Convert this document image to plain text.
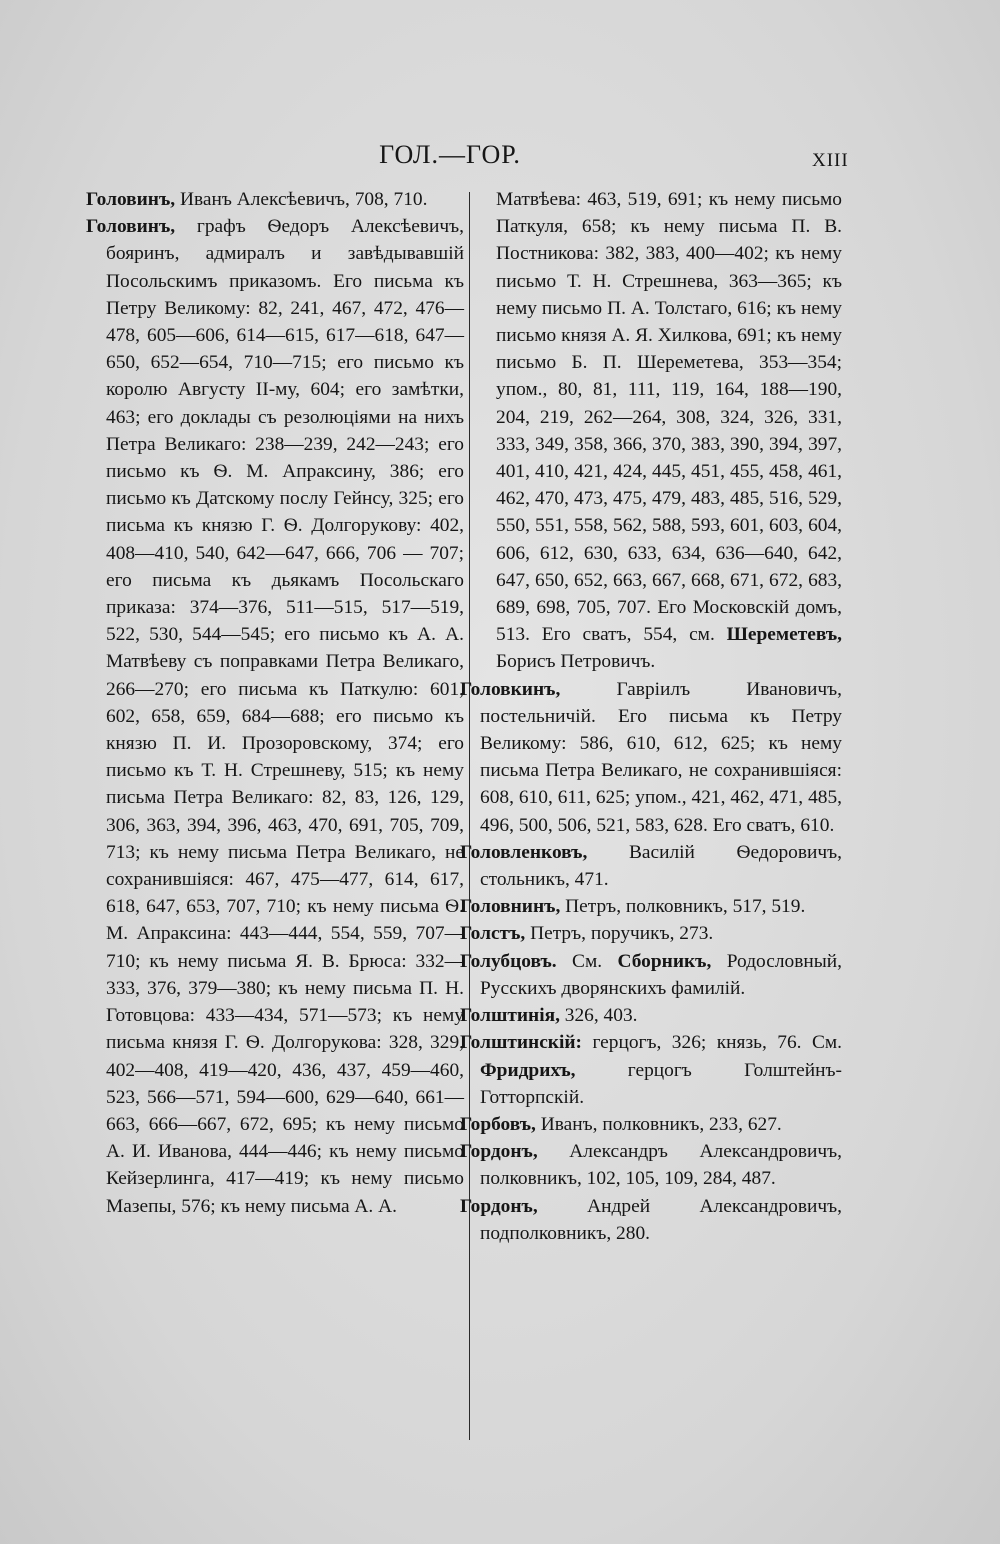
ГОЛ.—ГОР.	XIII
Головинъ, Иванъ Алексѣевичъ, 708, 710.
Головинъ, графъ Ѳедоръ Алексѣевичъ, бояринъ, адмиралъ и завѣдывавшій Посольскимъ приказомъ. Его письма къ Петру Великому: 82, 241, 467, 472, 476—478, 605—606, 614—615, 617—618, 647—650, 652—654, 710—715; его письмо къ королю Августу II-му, 604; его замѣтки, 463; его доклады съ резолюціями на нихъ Петра Великаго: 238—239, 242—243; его письмо къ Ѳ. М. Апраксину, 386; его письмо къ Датскому послу Гейнсу, 325; его письма къ князю Г. Ѳ. Долгорукову: 402, 408—410, 540, 642—647, 666, 706 — 707; его письма къ дьякамъ Посольскаго приказа: 374—376, 511—515, 517—519, 522, 530, 544—545; его письмо къ А. А. Матвѣеву съ поправками Петра Великаго, 266—270; его письма къ Паткулю: 601, 602, 658, 659, 684—688; его письмо къ князю П. И. Прозоровскому, 374; его письмо къ Т. Н. Стрешневу, 515; къ нему письма Петра Великаго: 82, 83, 126, 129, 306, 363, 394, 396, 463, 470, 691, 705, 709, 713; къ нему письма Петра Великаго, не сохранившіяся: 467, 475—477, 614, 617, 618, 647, 653, 707, 710; къ нему письма Ѳ. М. Апраксина: 443—444, 554, 559, 707—710; къ нему письма Я. В. Брюса: 332—333, 376, 379—380; къ нему письма П. Н. Готовцова: 433—434, 571—573; къ нему письма князя Г. Ѳ. Долгорукова: 328, 329, 402—408, 419—420, 436, 437, 459—460, 523, 566—571, 594—600, 629—640, 661—663, 666—667, 672, 695; къ нему письмо А. И. Иванова, 444—446; къ нему письмо Кейзерлинга, 417—419; къ нему письмо Мазепы, 576; къ нему письма А. А.
Матвѣева: 463, 519, 691; къ нему письмо Паткуля, 658; къ нему письма П. В. Постникова: 382, 383, 400—402; къ нему письмо Т. Н. Стрешнева, 363—365; къ нему письмо П. А. Толстаго, 616; къ нему письмо князя А. Я. Хилкова, 691; къ нему письмо Б. П. Шереметева, 353—354; упом., 80, 81, 111, 119, 164, 188—190, 204, 219, 262—264, 308, 324, 326, 331, 333, 349, 358, 366, 370, 383, 390, 394, 397, 401, 410, 421, 424, 445, 451, 455, 458, 461, 462, 470, 473, 475, 479, 483, 485, 516, 529, 550, 551, 558, 562, 588, 593, 601, 603, 604, 606, 612, 630, 633, 634, 636—640, 642, 647, 650, 652, 663, 667, 668, 671, 672, 683, 689, 698, 705, 707. Его Московскій домъ, 513. Его сватъ, 554, см. Шереметевъ, Борисъ Петровичъ.
Головкинъ, Гавріилъ Ивановичъ, постельничій. Его письма къ Петру Великому: 586, 610, 612, 625; къ нему письма Петра Великаго, не сохранившіяся: 608, 610, 611, 625; упом., 421, 462, 471, 485, 496, 500, 506, 521, 583, 628. Его сватъ, 610.
Головленковъ, Василій Ѳедоровичъ, стольникъ, 471.
Головнинъ, Петръ, полковникъ, 517, 519.
Голстъ, Петръ, поручикъ, 273.
Голубцовъ. См. Сборникъ, Родословный, Русскихъ дворянскихъ фамилій.
Голштинія, 326, 403.
Голштинскій: герцогъ, 326; князь, 76. См. Фридрихъ, герцогъ Голштейнъ-Готторпскій.
Горбовъ, Иванъ, полковникъ, 233, 627.
Гордонъ, Александръ Александровичъ, полковникъ, 102, 105, 109, 284, 487.
Гордонъ, Андрей Александровичъ, подполковникъ, 280.
